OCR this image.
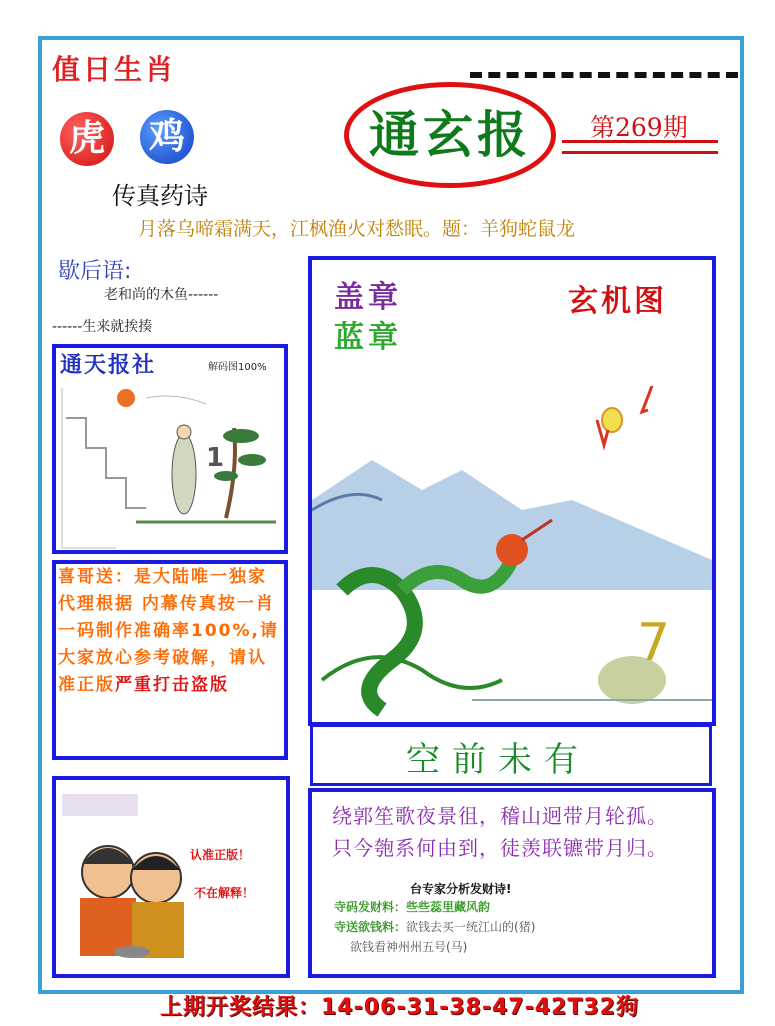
值日生肖
虎 鸡
传真药诗
通玄报	第269期
月落乌啼霜满天，江枫渔火对愁眠。题：羊狗蛇鼠龙
歇后语:
老和尚的木鱼------
------生来就挨揍
1
通天报社	解码图100%
喜哥送：是大陆唯一独家代理根据 内幕传真按一肖一码制作准确率100%,请大家放心参考破解，请认准正版严重打击盗版
认准正版！
不在解释！
7
盖章
蓝章
玄机图
空前未有
绕郭笙歌夜景徂，稽山迥带月轮孤。
只今匏系何由到，徒羡联镳带月归。
台专家分析发财诗!
寺码发财料：些些蕊里藏风韵
寺送欲钱料：欲钱去买一统江山的(猪)
欲钱看神州州五号(马)
上期开奖结果：14-06-31-38-47-42T32狗
